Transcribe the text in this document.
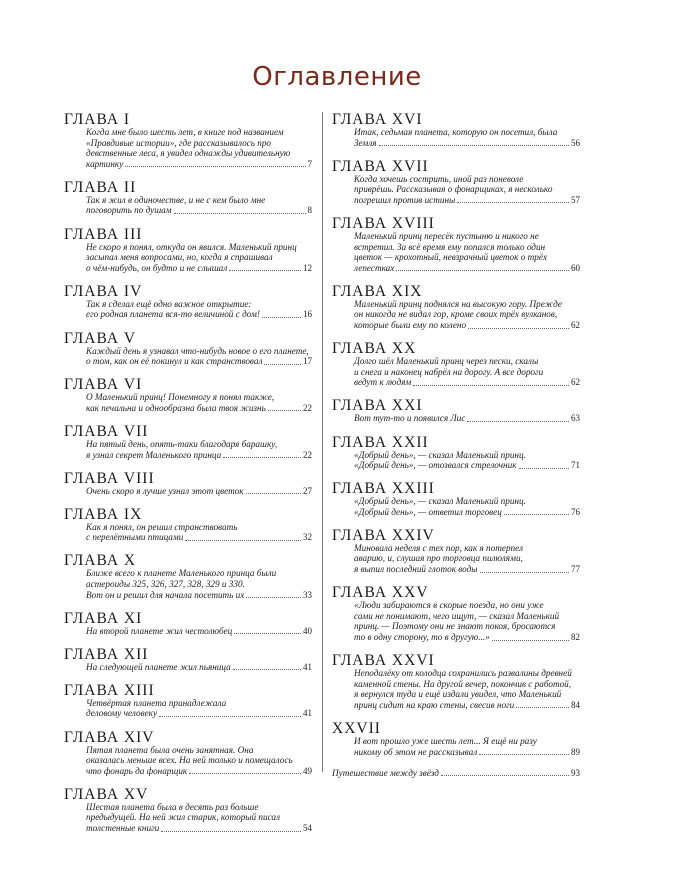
Оглавление
ГЛАВА I
Когда мне было шесть лет, в книге под названием
«Правдивые истории», где рассказывалось про
девственные леса, я увидел однажды удивительную
картинку	7
ГЛАВА II
Так я жил в одиночестве, и не с кем было мне
поговорить по душам	8
ГЛАВА III
Не скоро я понял, откуда он явился. Маленький принц
засыпал меня вопросами, но, когда я спрашивал
о чём-нибудь, он будто и не слышал	12
ГЛАВА IV
Так я сделал ещё одно важное открытие:
его родная планета вся-то величиной с дом!	16
ГЛАВА V
Каждый день я узнавал что-нибудь новое о его планете,
о том, как он её покинул и как странствовал	17
ГЛАВА VI
О Маленький принц! Понемногу я понял также,
как печальна и однообразна была твоя жизнь	22
ГЛАВА VII
На пятый день, опять-таки благодаря барашку,
я узнал секрет Маленького принца	22
ГЛАВА VIII
Очень скоро я лучше узнал этот цветок	27
ГЛАВА IX
Как я понял, он решил странствовать
с перелётными птицами	32
ГЛАВА X
Ближе всего к планете Маленького принца были
астероиды 325, 326, 327, 328, 329 и 330.
Вот он и решил для начала посетить их	33
ГЛАВА XI
На второй планете жил честолюбец	40
ГЛАВА XII
На следующей планете жил пьяница	41
ГЛАВА XIII
Четвёртая планета принадлежала
деловому человеку	41
ГЛАВА XIV
Пятая планета была очень занятная. Она
оказалась меньше всех. На ней только и помещалось
что фонарь да фонарщик	49
ГЛАВА XV
Шестая планета была в десять раз больше
предыдущей. На ней жил старик, который писал
толстенные книги	54
ГЛАВА XVI
Итак, седьмая планета, которую он посетил, была
Земля	56
ГЛАВА XVII
Когда хочешь сострить, иной раз поневоле
приврёшь. Рассказывая о фонарщиках, я несколько
погрешил против истины	57
ГЛАВА XVIII
Маленький принц пересёк пустыню и никого не
встретил. За всё время ему попался только один
цветок — крохотный, невзрачный цветок о трёх
лепестках	60
ГЛАВА XIX
Маленький принц поднялся на высокую гору. Прежде
он никогда не видал гор, кроме своих трёх вулканов,
которые были ему по колено	62
ГЛАВА XX
Долго шёл Маленький принц через пески, скалы
и снега и наконец набрёл на дорогу. А все дороги
ведут к людям	62
ГЛАВА XXI
Вот тут-то и появился Лис	63
ГЛАВА XXII
«Добрый день», — сказал Маленький принц.
«Добрый день», — отозвался стрелочник	71
ГЛАВА XXIII
«Добрый день», — сказал Маленький принц.
«Добрый день», — ответил торговец	76
ГЛАВА XXIV
Миновала неделя с тех пор, как я потерпел
аварию, и, слушая про торговца пилюлями,
я выпил последний глоток воды	77
ГЛАВА XXV
«Люди забираются в скорые поезда, но они уже
сами не понимают, чего ищут, — сказал Маленький
принц. — Поэтому они не знают покоя, бросаются
то в одну сторону, то в другую...»	82
ГЛАВА XXVI
Неподалёку от колодца сохранились развалины древней
каменной стены. На другой вечер, покончив с работой,
я вернулся туда и ещё издали увидел, что Маленький
принц сидит на краю стены, свесив ноги	84
XXVII
И вот прошло уже шесть лет... Я ещё ни разу
никому об этом не рассказывал	89
Путешествие между звёзд	93
